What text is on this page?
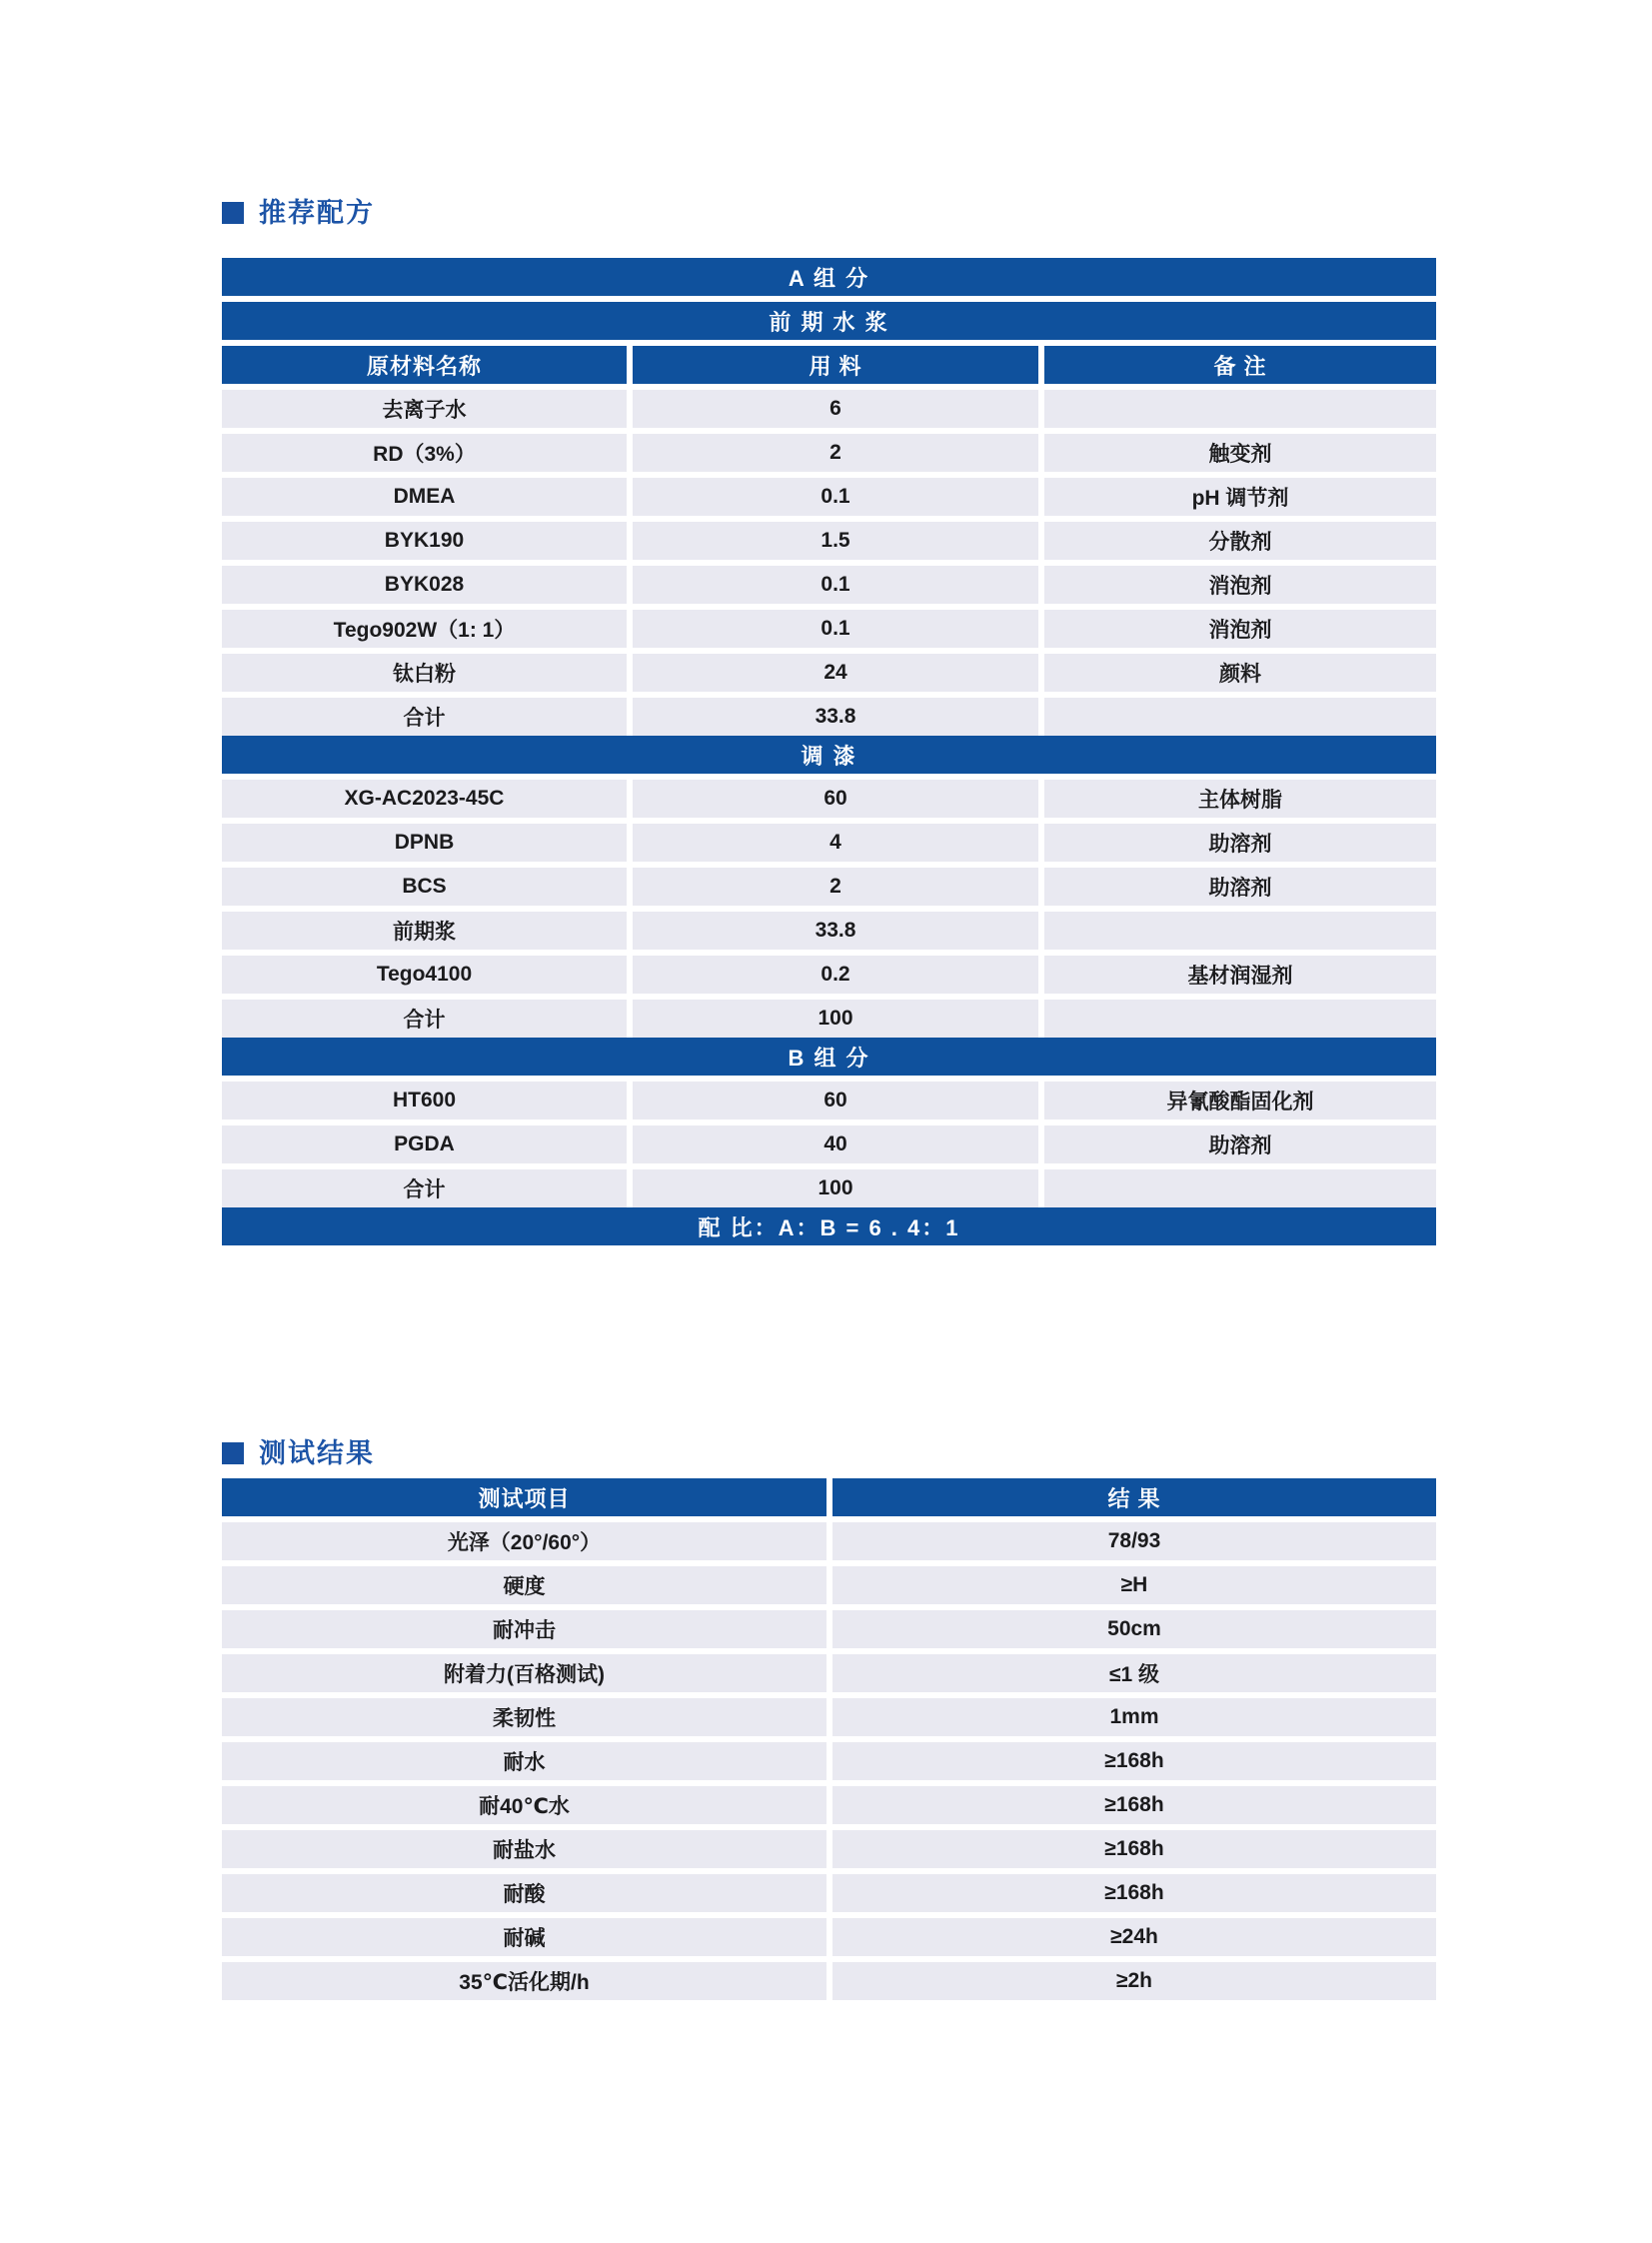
推荐配方
A 组 分
前 期 水 浆
原材料名称	用 料	备 注
去离子水	6
RD（3%）	2	触变剂
DMEA	0.1	pH 调节剂
BYK190	1.5	分散剂
BYK028	0.1	消泡剂
Tego902W（1: 1）	0.1	消泡剂
钛白粉	24	颜料
合计	33.8
调 漆
XG-AC2023-45C	60	主体树脂
DPNB	4	助溶剂
BCS	2	助溶剂
前期浆	33.8
Tego4100	0.2	基材润湿剂
合计	100
B 组 分
HT600	60	异氰酸酯固化剂
PGDA	40	助溶剂
合计	100
配 比：A：B = 6 . 4：1
测试结果
测试项目	结 果
光泽（20°/60°）	78/93
硬度	≥H
耐冲击	50cm
附着力(百格测试)	≤1 级
柔韧性	1mm
耐水	≥168h
耐40℃水	≥168h
耐盐水	≥168h
耐酸	≥168h
耐碱	≥24h
35℃活化期/h	≥2h
